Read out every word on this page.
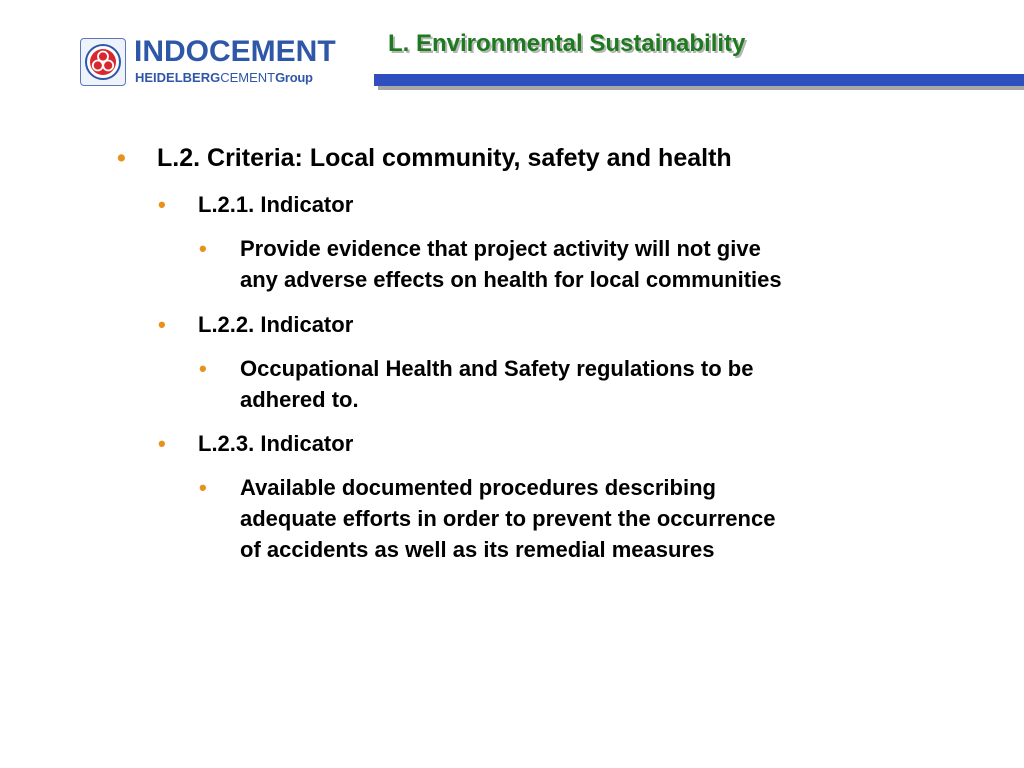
INDOCEMENT
HEIDELBERGCEMENTGroup
L. Environmental Sustainability
• L.2. Criteria: Local community, safety and health
• L.2.1. Indicator
• Provide evidence that project activity will not give
any adverse effects on health for local communities
• L.2.2. Indicator
• Occupational Health and Safety regulations to be
adhered to.
• L.2.3. Indicator
• Available documented procedures describing
adequate efforts in order to prevent the occurrence
of accidents as well as its remedial measures
